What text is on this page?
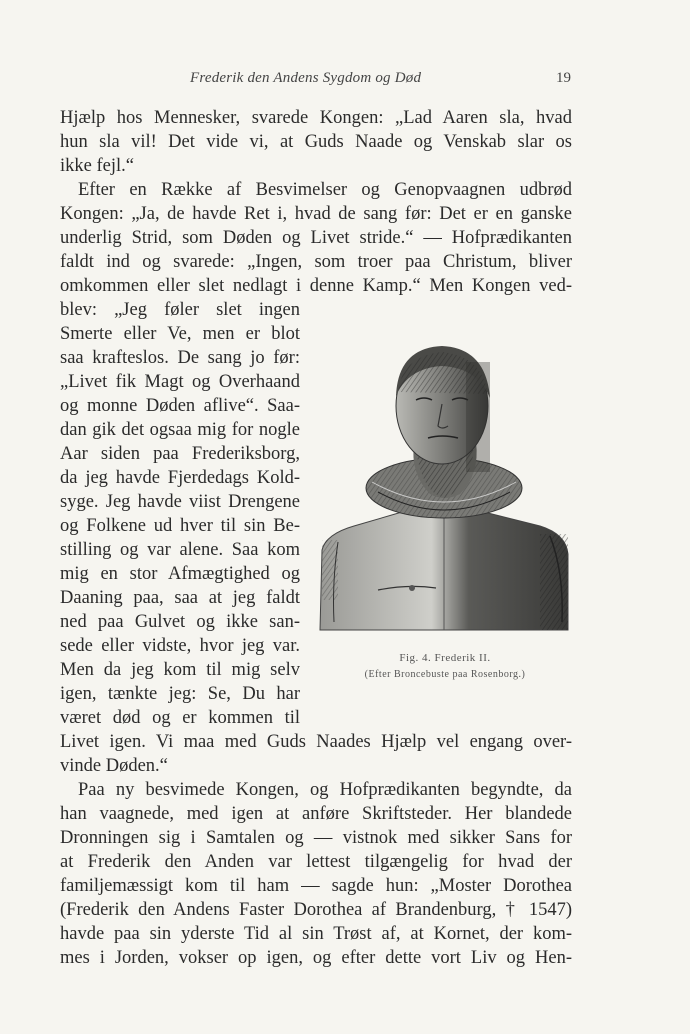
Frederik den Andens Sygdom og Død	19
Hjælp hos Mennesker, svarede Kongen: „Lad Aaren sla, hvad
hun sla vil! Det vide vi, at Guds Naade og Venskab slar os
ikke fejl.“
Efter en Række af Besvimelser og Genopvaagnen udbrød
Kongen: „Ja, de havde Ret i, hvad de sang før: Det er en ganske
underlig Strid, som Døden og Livet stride.“ — Hofprædikanten
faldt ind og svarede: „Ingen, som troer paa Christum, bliver
omkommen eller slet nedlagt i denne Kamp.“ Men Kongen ved-
blev: „Jeg føler slet ingen
Smerte eller Ve, men er blot
saa krafteslos. De sang jo før:
„Livet fik Magt og Overhaand
og monne Døden aflive“. Saa-
dan gik det ogsaa mig for nogle
Aar siden paa Frederiksborg,
da jeg havde Fjerdedags Kold-
syge. Jeg havde viist Drengene
og Folkene ud hver til sin Be-
stilling og var alene. Saa kom
mig en stor Afmægtighed og
Daaning paa, saa at jeg faldt
ned paa Gulvet og ikke san-
sede eller vidste, hvor jeg var.
Men da jeg kom til mig selv
igen, tænkte jeg: Se, Du har
været død og er kommen til
Livet igen. Vi maa med Guds Naades Hjælp vel engang over-
vinde Døden.“
Paa ny besvimede Kongen, og Hofprædikanten begyndte, da
han vaagnede, med igen at anføre Skriftsteder. Her blandede
Dronningen sig i Samtalen og — vistnok med sikker Sans for
at Frederik den Anden var lettest tilgængelig for hvad der
familjemæssigt kom til ham — sagde hun: „Moster Dorothea
(Frederik den Andens Faster Dorothea af Brandenburg, † 1547)
havde paa sin yderste Tid al sin Trøst af, at Kornet, der kom-
mes i Jorden, vokser op igen, og efter dette vort Liv og Hen-
Fig. 4. Frederik II.
(Efter Broncebuste paa Rosenborg.)
